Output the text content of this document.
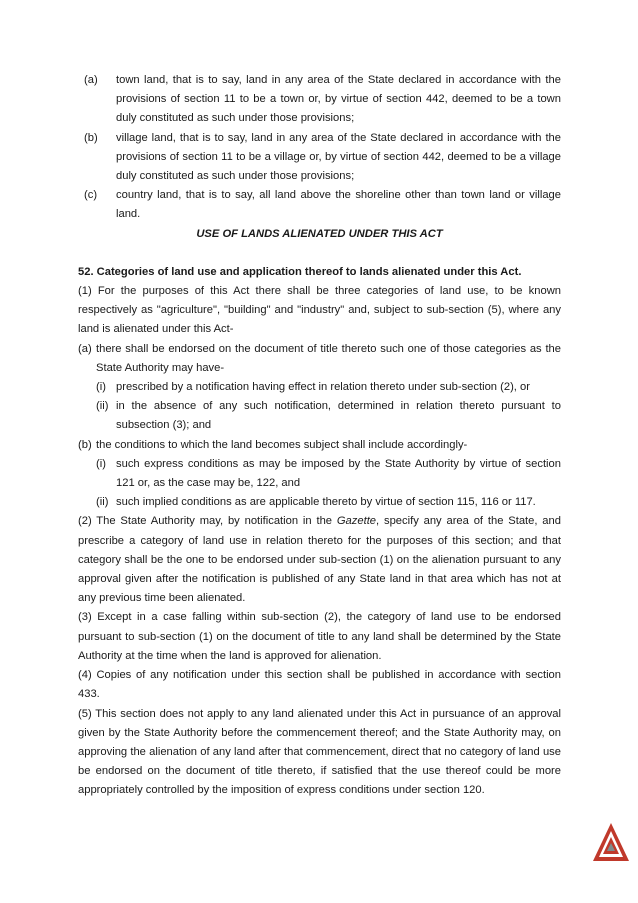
(a)	town land, that is to say, land in any area of the State declared in accordance with the provisions of section 11 to be a town or, by virtue of section 442, deemed to be a town duly constituted as such under those provisions;
(b)	village land, that is to say, land in any area of the State declared in accordance with the provisions of section 11 to be a village or, by virtue of section 442, deemed to be a village duly constituted as such under those provisions;
(c)	country land, that is to say, all land above the shoreline other than town land or village land.

USE OF LANDS ALIENATED UNDER THIS ACT

52. Categories of land use and application thereof to lands alienated under this Act.

(1) For the purposes of this Act there shall be three categories of land use, to be known respectively as "agriculture", "building" and "industry" and, subject to sub-section (5), where any land is alienated under this Act-

(a) there shall be endorsed on the document of title thereto such one of those categories as the State Authority may have-
(i) prescribed by a notification having effect in relation thereto under sub-section (2), or
(ii) in the absence of any such notification, determined in relation thereto pursuant to subsection (3); and
(b) the conditions to which the land becomes subject shall include accordingly-
(i) such express conditions as may be imposed by the State Authority by virtue of section 121 or, as the case may be, 122, and
(ii) such implied conditions as are applicable thereto by virtue of section 115, 116 or 117.

(2) The State Authority may, by notification in the Gazette, specify any area of the State, and prescribe a category of land use in relation thereto for the purposes of this section; and that category shall be the one to be endorsed under sub-section (1) on the alienation pursuant to any approval given after the notification is published of any State land in that area which has not at any previous time been alienated.

(3) Except in a case falling within sub-section (2), the category of land use to be endorsed pursuant to sub-section (1) on the document of title to any land shall be determined by the State Authority at the time when the land is approved for alienation.

(4) Copies of any notification under this section shall be published in accordance with section 433.

(5) This section does not apply to any land alienated under this Act in pursuance of an approval given by the State Authority before the commencement thereof; and the State Authority may, on approving the alienation of any land after that commencement, direct that no category of land use be endorsed on the document of title thereto, if satisfied that the use thereof could be more appropriately controlled by the imposition of express conditions under section 120.
